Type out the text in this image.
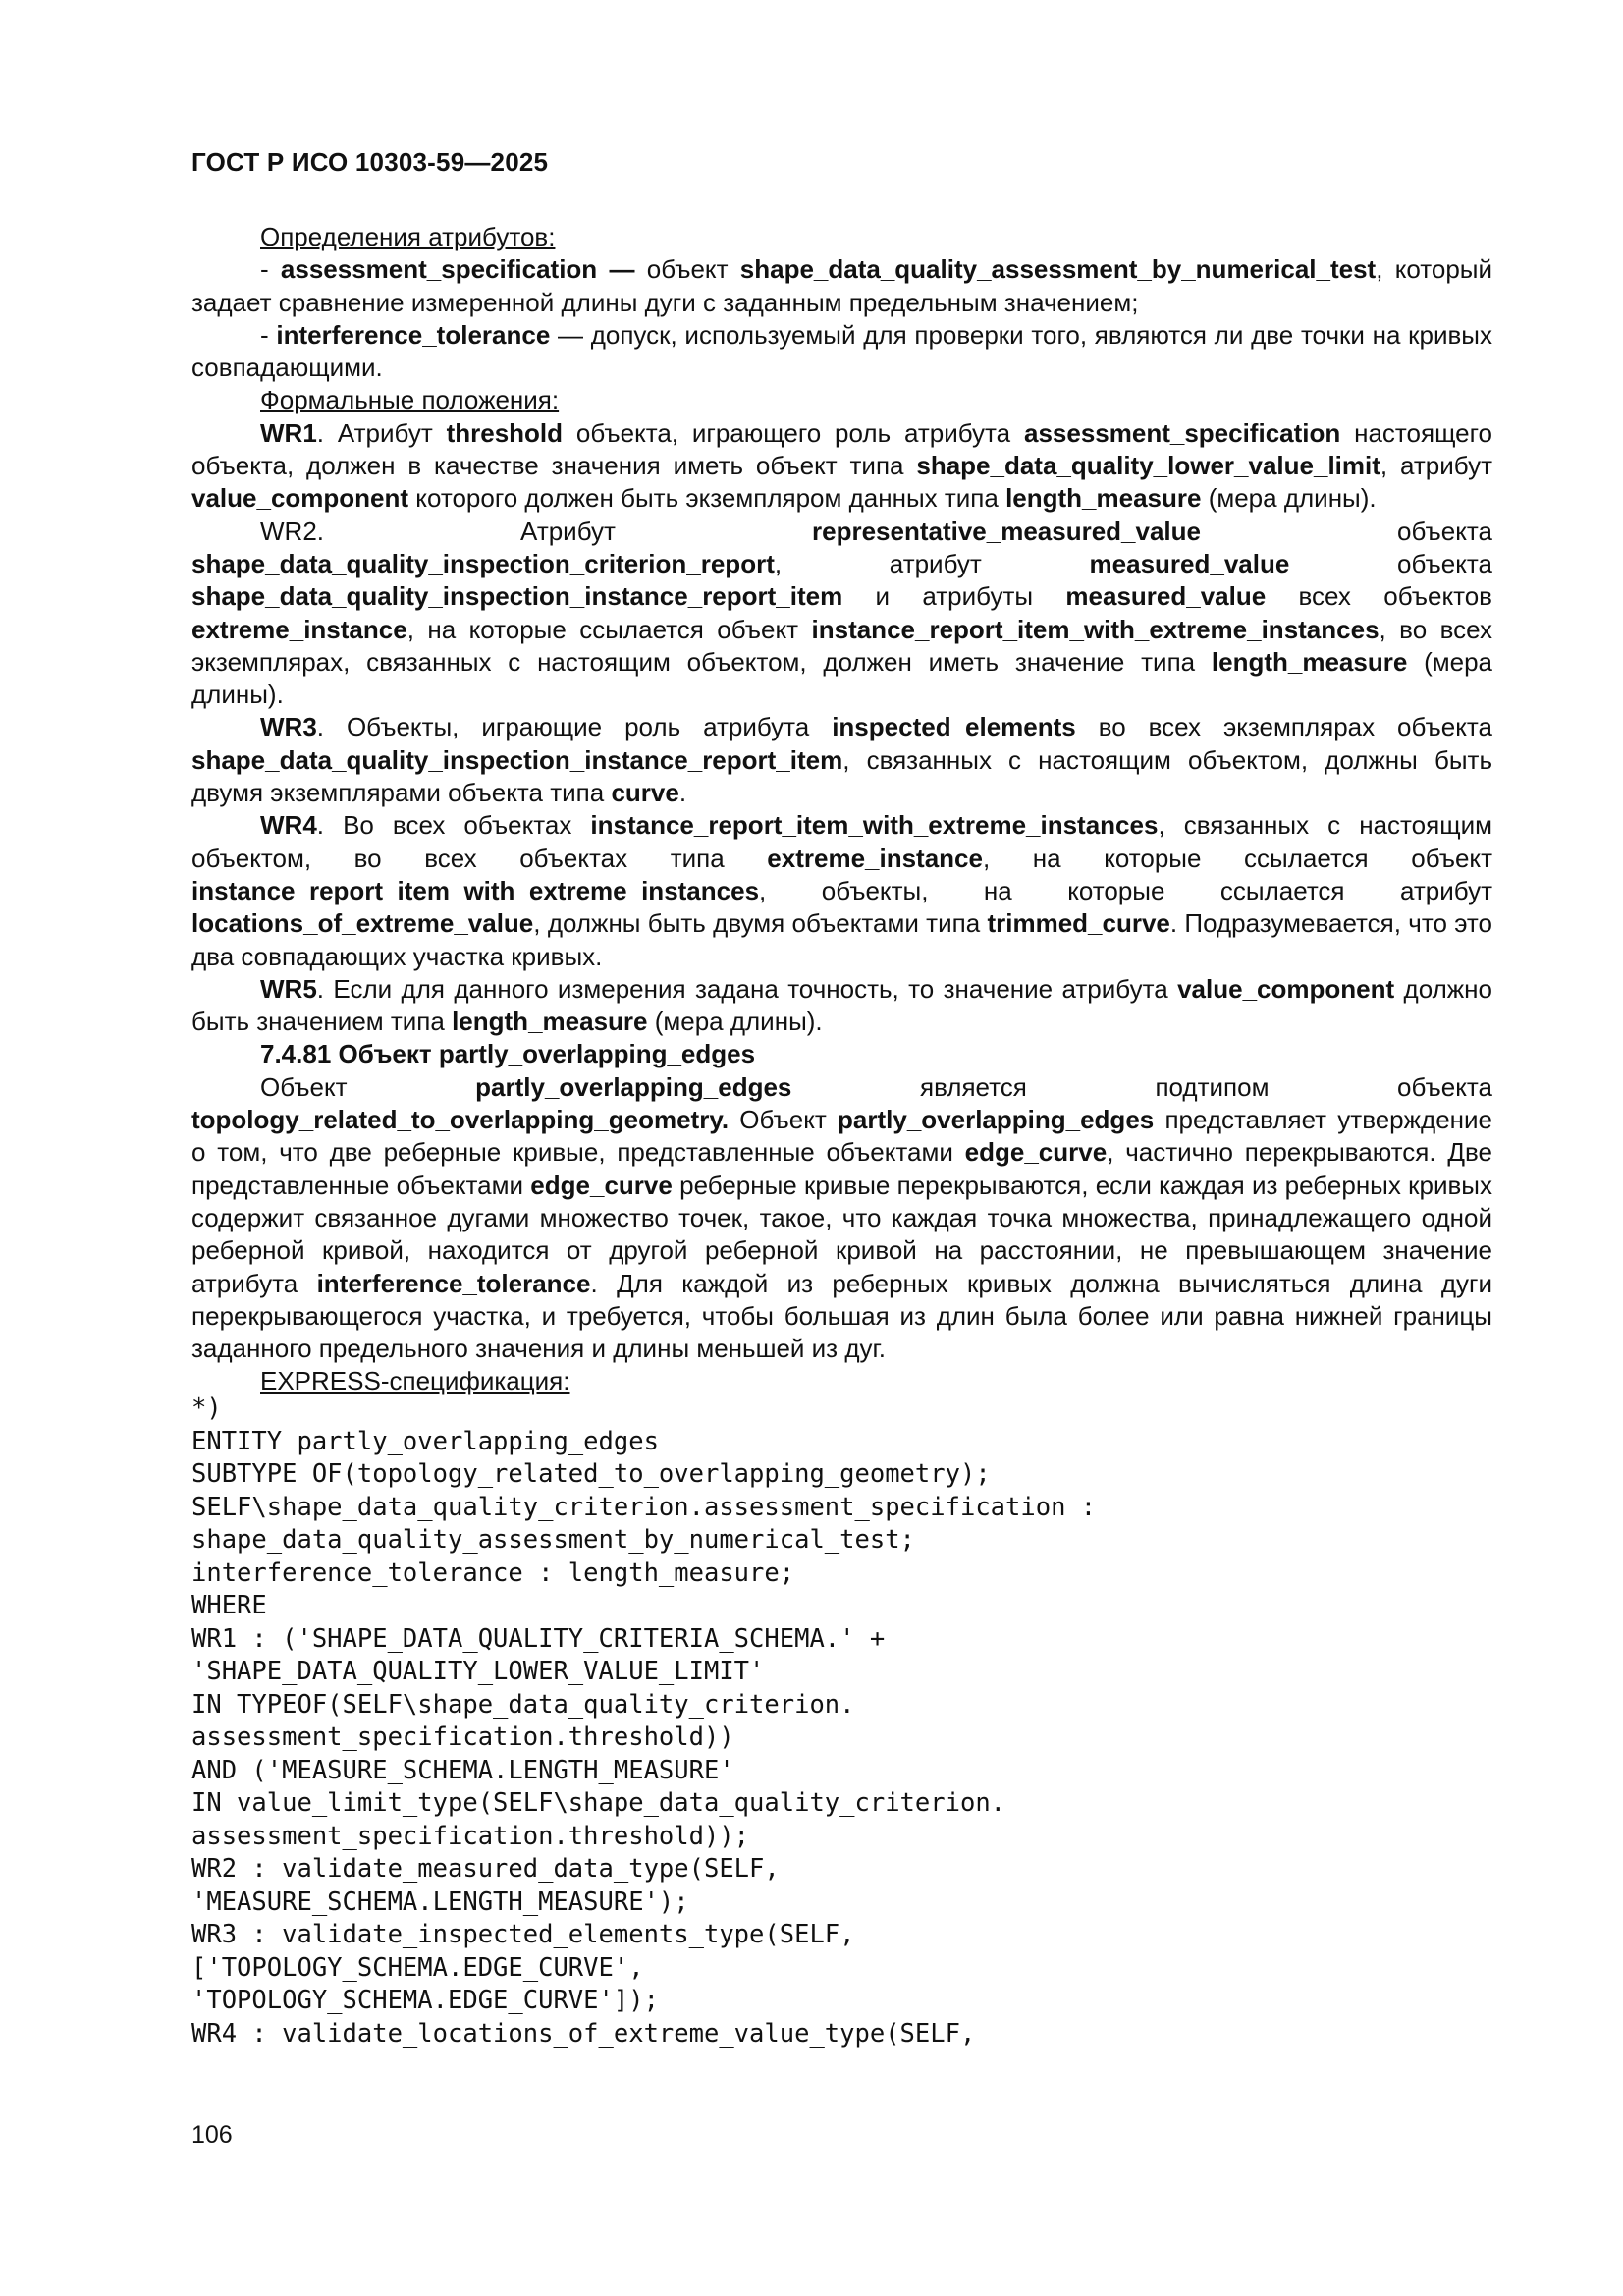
ГОСТ Р ИСО 10303-59—2025

Определения атрибутов:

- assessment_specification — объект shape_data_quality_assessment_by_numerical_test, который задает сравнение измеренной длины дуги с заданным предельным значением;

- interference_tolerance — допуск, используемый для проверки того, являются ли две точки на кривых совпадающими.

Формальные положения:

WR1. Атрибут threshold объекта, играющего роль атрибута assessment_specification настоящего объекта, должен в качестве значения иметь объект типа shape_data_quality_lower_value_limit, атрибут value_component которого должен быть экземпляром данных типа length_measure (мера длины).

WR2. Атрибут representative_measured_value объекта shape_data_quality_inspection_criterion_report, атрибут measured_value объекта shape_data_quality_inspection_instance_report_item и атрибуты measured_value всех объектов extreme_instance, на которые ссылается объект instance_report_item_with_extreme_instances, во всех экземплярах, связанных с настоящим объектом, должен иметь значение типа length_measure (мера длины).

WR3. Объекты, играющие роль атрибута inspected_elements во всех экземплярах объекта shape_data_quality_inspection_instance_report_item, связанных с настоящим объектом, должны быть двумя экземплярами объекта типа curve.

WR4. Во всех объектах instance_report_item_with_extreme_instances, связанных с настоящим объектом, во всех объектах типа extreme_instance, на которые ссылается объект instance_report_item_with_extreme_instances, объекты, на которые ссылается атрибут locations_of_extreme_value, должны быть двумя объектами типа trimmed_curve. Подразумевается, что это два совпадающих участка кривых.

WR5. Если для данного измерения задана точность, то значение атрибута value_component должно быть значением типа length_measure (мера длины).

7.4.81 Объект partly_overlapping_edges

Объект partly_overlapping_edges является подтипом объекта topology_related_to_overlapping_geometry. Объект partly_overlapping_edges представляет утверждение о том, что две реберные кривые, представленные объектами edge_curve, частично перекрываются. Две представленные объектами edge_curve реберные кривые перекрываются, если каждая из реберных кривых содержит связанное дугами множество точек, такое, что каждая точка множества, принадлежащего одной реберной кривой, находится от другой реберной кривой на расстоянии, не превышающем значение атрибута interference_tolerance. Для каждой из реберных кривых должна вычисляться длина дуги перекрывающегося участка, и требуется, чтобы большая из длин была более или равна нижней границы заданного предельного значения и длины меньшей из дуг.

EXPRESS-спецификация:

*)
ENTITY partly_overlapping_edges
SUBTYPE OF(topology_related_to_overlapping_geometry);
SELF\shape_data_quality_criterion.assessment_specification :
shape_data_quality_assessment_by_numerical_test;
interference_tolerance : length_measure;
WHERE
WR1 : ('SHAPE_DATA_QUALITY_CRITERIA_SCHEMA.' +
'SHAPE_DATA_QUALITY_LOWER_VALUE_LIMIT'
IN TYPEOF(SELF\shape_data_quality_criterion.
assessment_specification.threshold))
AND ('MEASURE_SCHEMA.LENGTH_MEASURE'
IN value_limit_type(SELF\shape_data_quality_criterion.
assessment_specification.threshold));
WR2 : validate_measured_data_type(SELF,
'MEASURE_SCHEMA.LENGTH_MEASURE');
WR3 : validate_inspected_elements_type(SELF,
['TOPOLOGY_SCHEMA.EDGE_CURVE',
'TOPOLOGY_SCHEMA.EDGE_CURVE']);
WR4 : validate_locations_of_extreme_value_type(SELF,
106
